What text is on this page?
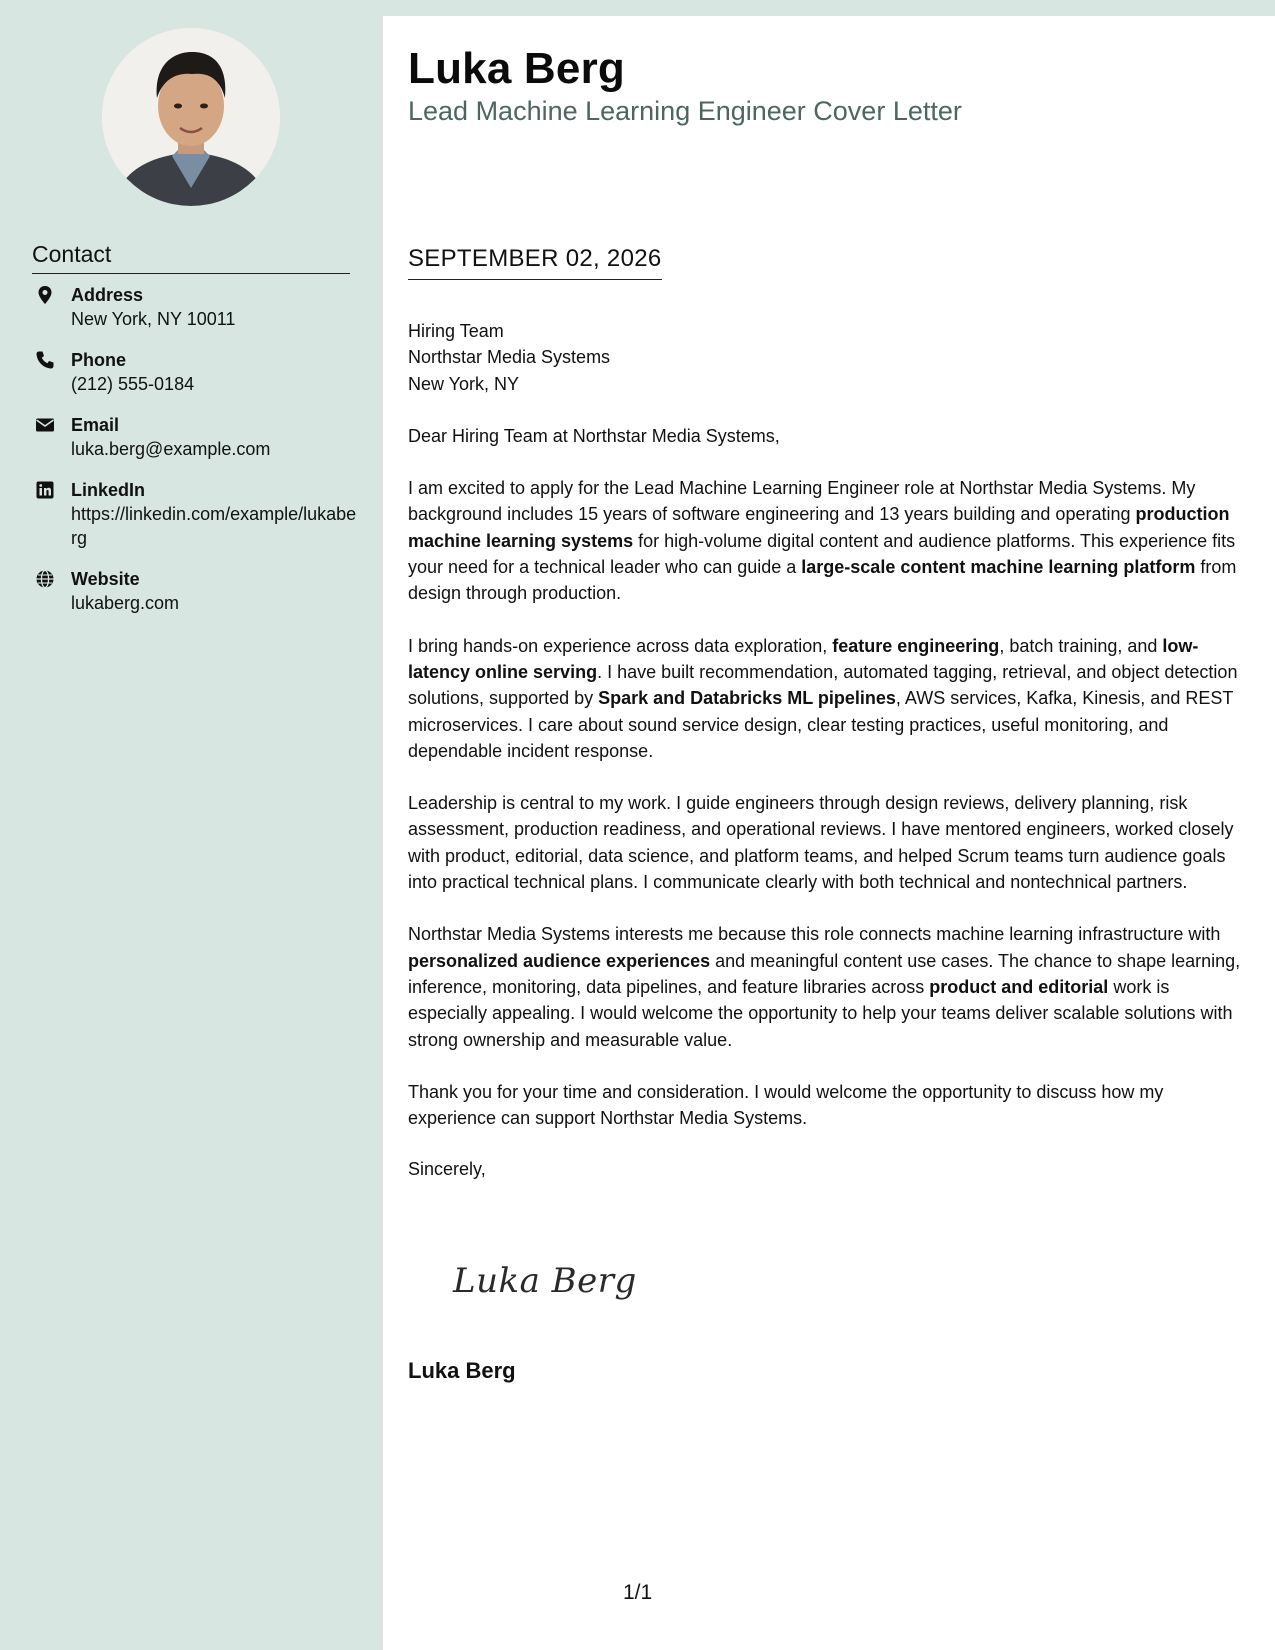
Contact
Address
New York, NY 10011
Phone
(212) 555-0184
Email
luka.berg@example.com
LinkedIn
https://linkedin.com/example/lukaberg
Website
lukaberg.com
Luka Berg
Lead Machine Learning Engineer Cover Letter
SEPTEMBER 02, 2026

Hiring Team

Northstar Media Systems

New York, NY

Dear Hiring Team at Northstar Media Systems,

I am excited to apply for the Lead Machine Learning Engineer role at Northstar Media Systems. My background includes 15 years of software engineering and 13 years building and operating production machine learning systems for high-volume digital content and audience platforms. This experience fits your need for a technical leader who can guide a large-scale content machine learning platform from design through production.

I bring hands-on experience across data exploration, feature engineering, batch training, and low-latency online serving. I have built recommendation, automated tagging, retrieval, and object detection solutions, supported by Spark and Databricks ML pipelines, AWS services, Kafka, Kinesis, and REST microservices. I care about sound service design, clear testing practices, useful monitoring, and dependable incident response.

Leadership is central to my work. I guide engineers through design reviews, delivery planning, risk assessment, production readiness, and operational reviews. I have mentored engineers, worked closely with product, editorial, data science, and platform teams, and helped Scrum teams turn audience goals into practical technical plans. I communicate clearly with both technical and nontechnical partners.

Northstar Media Systems interests me because this role connects machine learning infrastructure with personalized audience experiences and meaningful content use cases. The chance to shape learning, inference, monitoring, data pipelines, and feature libraries across product and editorial work is especially appealing. I would welcome the opportunity to help your teams deliver scalable solutions with strong ownership and measurable value.

Thank you for your time and consideration. I would welcome the opportunity to discuss how my experience can support Northstar Media Systems.

Sincerely,

Luka Berg
Luka Berg
1/1
